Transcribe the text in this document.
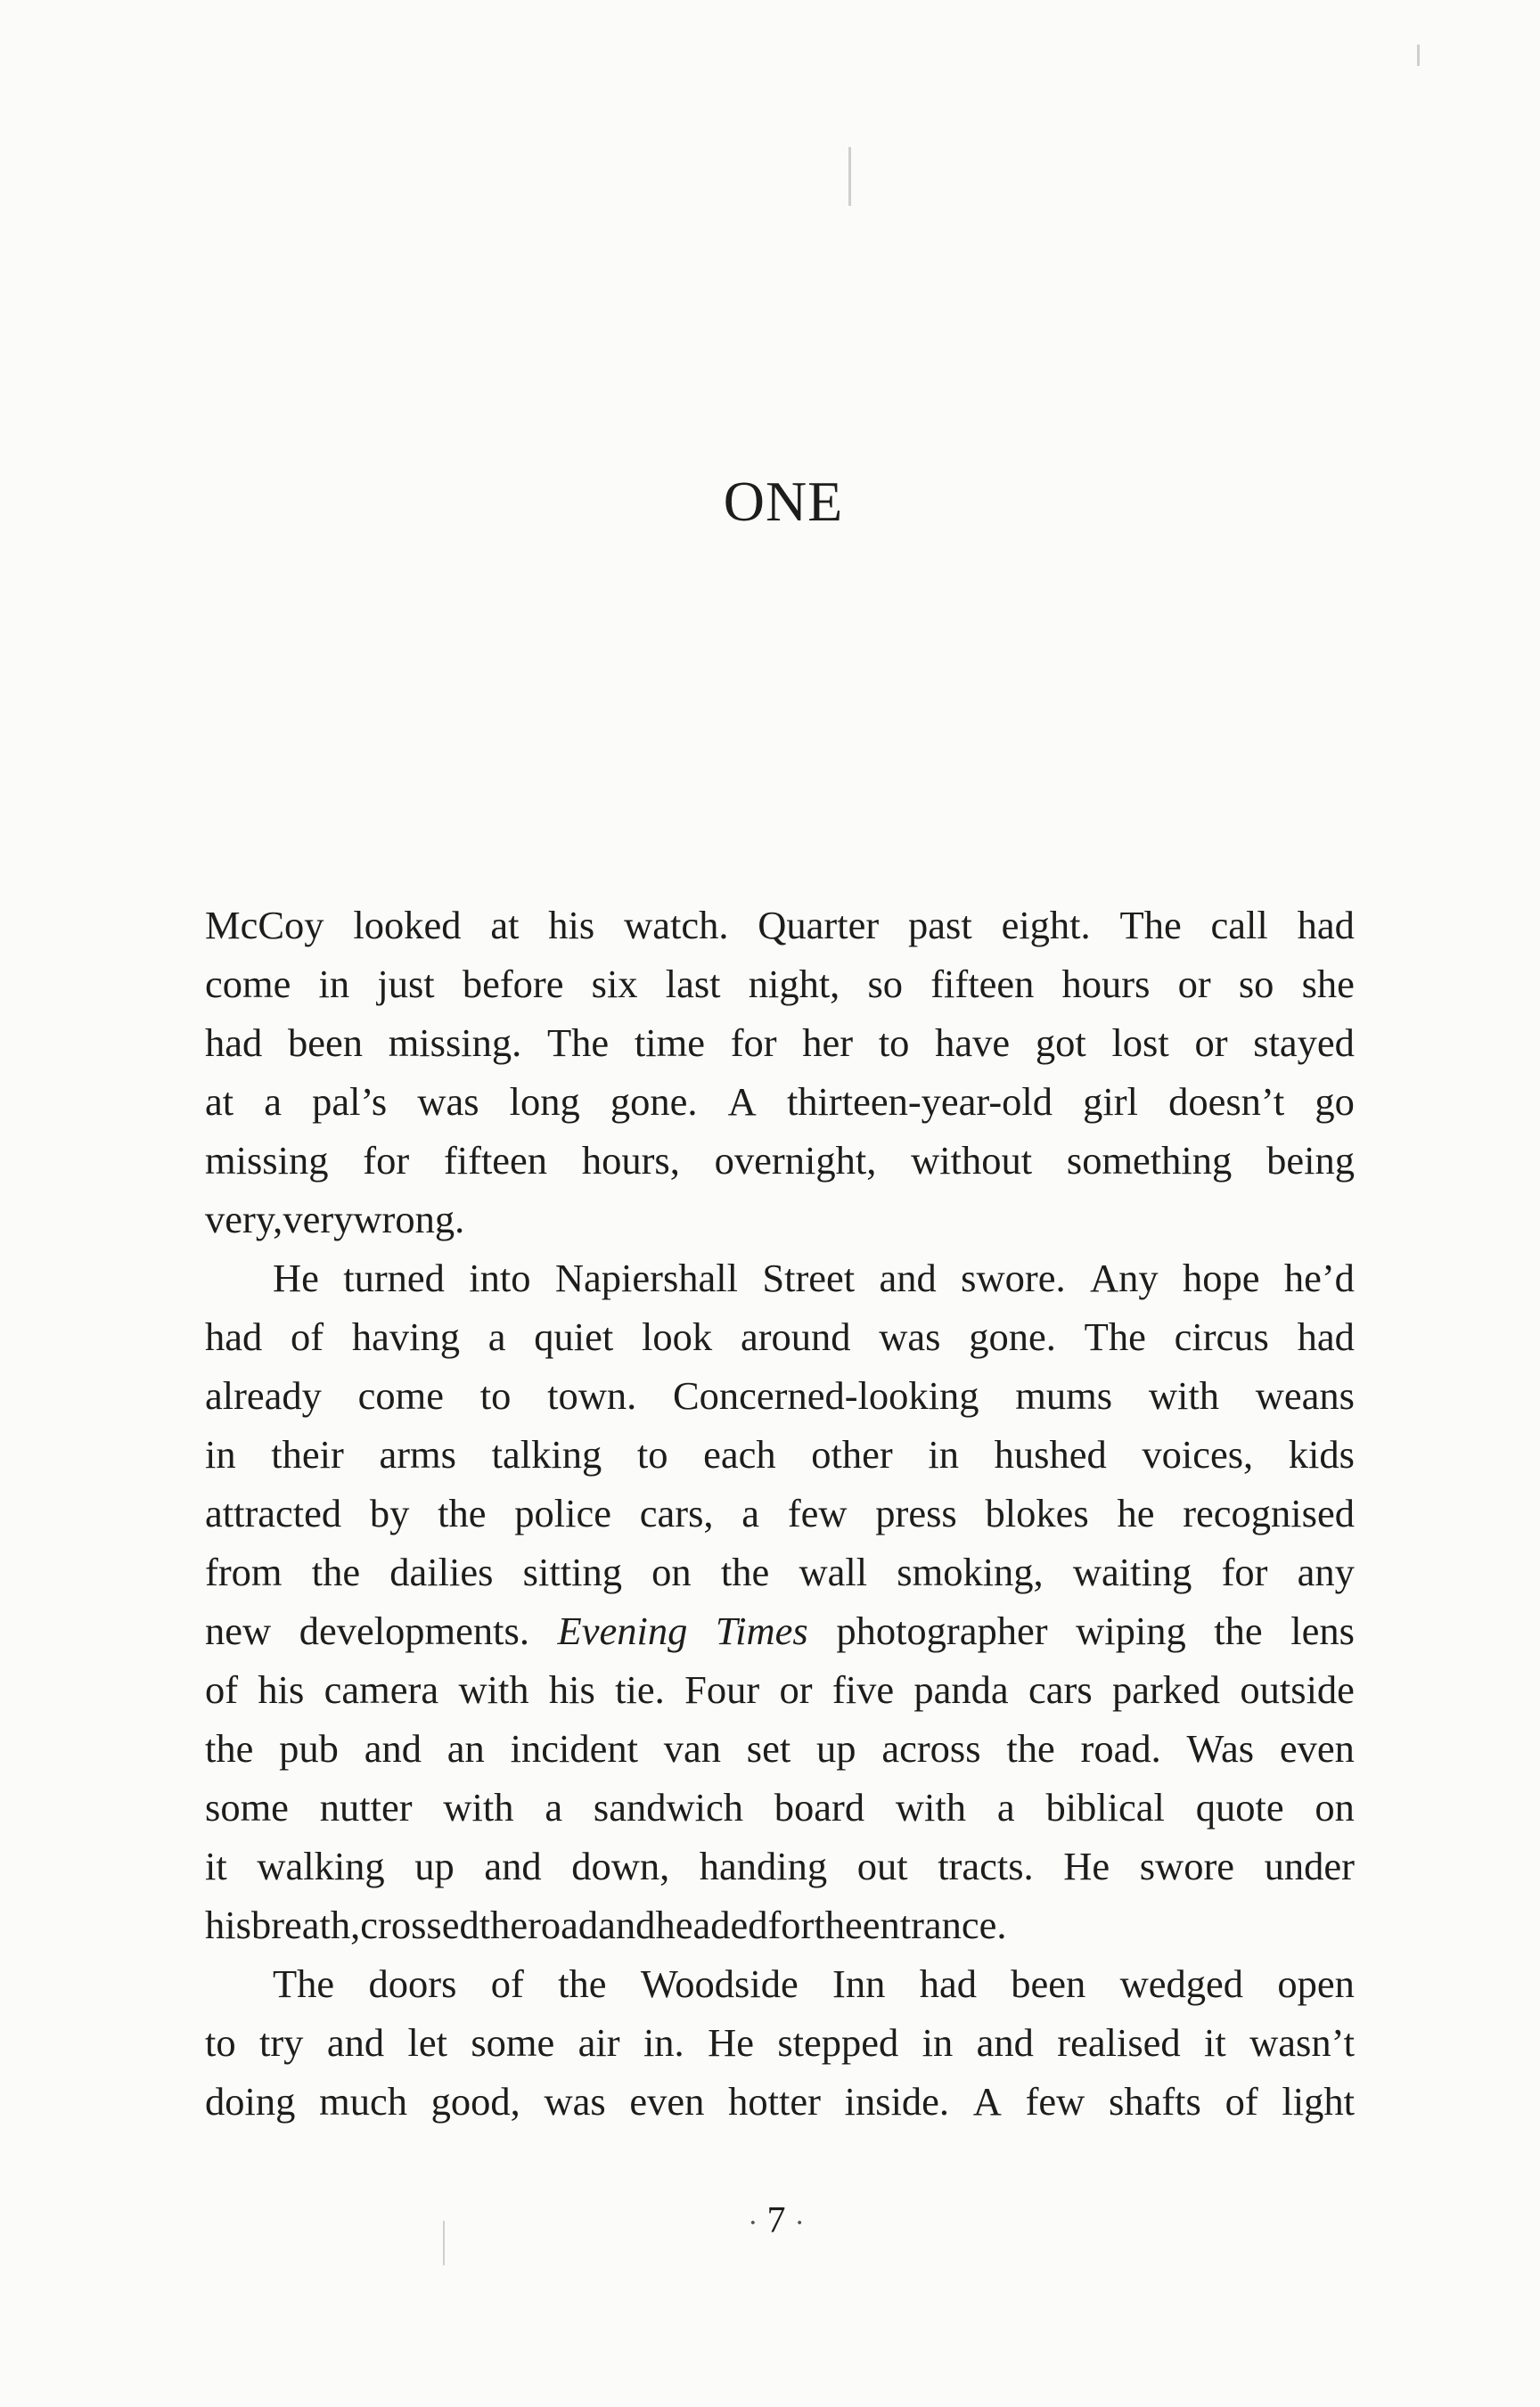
ONE
McCoy looked at his watch. Quarter past eight. The call had
come in just before six last night, so fifteen hours or so she
had been missing. The time for her to have got lost or stayed
at a pal’s was long gone. A thirteen-year-old girl doesn’t go
missing for fifteen hours, overnight, without something being
very, very wrong.
He turned into Napiershall Street and swore. Any hope he’d
had of having a quiet look around was gone. The circus had
already come to town. Concerned-looking mums with weans
in their arms talking to each other in hushed voices, kids
attracted by the police cars, a few press blokes he recognised
from the dailies sitting on the wall smoking, waiting for any
new developments. Evening Times photographer wiping the lens
of his camera with his tie. Four or five panda cars parked outside
the pub and an incident van set up across the road. Was even
some nutter with a sandwich board with a biblical quote on
it walking up and down, handing out tracts. He swore under
his breath, crossed the road and headed for the entrance.
The doors of the Woodside Inn had been wedged open
to try and let some air in. He stepped in and realised it wasn’t
doing much good, was even hotter inside. A few shafts of light
· 7 ·
